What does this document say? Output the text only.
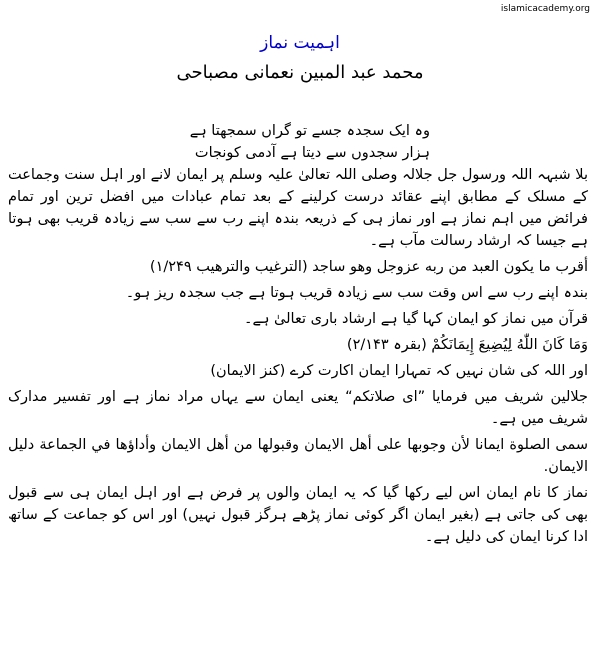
islamicacademy.org
اہمیت نماز
محمد عبد المبین نعمانی مصباحی

وہ ایک سجدہ جسے تو گراں سمجھتا ہے

ہزار سجدوں سے دیتا ہے آدمی کونجات

بلا شبہہ اللہ ورسول جل جلالہ وصلی اللہ تعالیٰ علیہ وسلم پر ایمان لانے اور اہل سنت وجماعت کے مسلک کے مطابق اپنے عقائد درست کرلینے کے بعد تمام عبادات میں افضل ترین اور تمام فرائض میں اہم نماز ہے اور نماز ہی کے ذریعہ بندہ اپنے رب سے سب سے زیادہ قریب بھی ہوتا ہے جیسا کہ ارشاد رسالت مآب ہے۔

أقرب ما يكون العبد من ربه عزوجل وهو ساجد (الترغيب والترهيب ۱/۲۴۹)

بندہ اپنے رب سے اس وقت سب سے زیادہ قریب ہوتا ہے جب سجدہ ریز ہو۔

قرآن میں نماز کو ایمان کہا گیا ہے ارشاد باری تعالیٰ ہے۔

وَمَا كَانَ اللّٰهُ لِيُضِيعَ إِيمَانَكُمْ (بقرہ ۲/۱۴۳)

اور اللہ کی شان نہیں کہ تمہارا ایمان اکارت کرے (کنز الایمان)

جلالین شریف میں فرمایا ”ای صلاتکم“ یعنی ایمان سے یہاں مراد نماز ہے اور تفسیر مدارک شریف میں ہے۔

سمى الصلوة ايمانا لأن وجوبها على أهل الايمان وقبولها من أهل الايمان وأداؤها في الجماعة دليل الايمان.

نماز کا نام ایمان اس لیے رکھا گیا کہ یہ ایمان والوں پر فرض ہے اور اہل ایمان ہی سے قبول بھی کی جاتی ہے (بغیر ایمان اگر کوئی نماز پڑھے ہرگز قبول نہیں) اور اس کو جماعت کے ساتھ ادا کرنا ایمان کی دلیل ہے۔
